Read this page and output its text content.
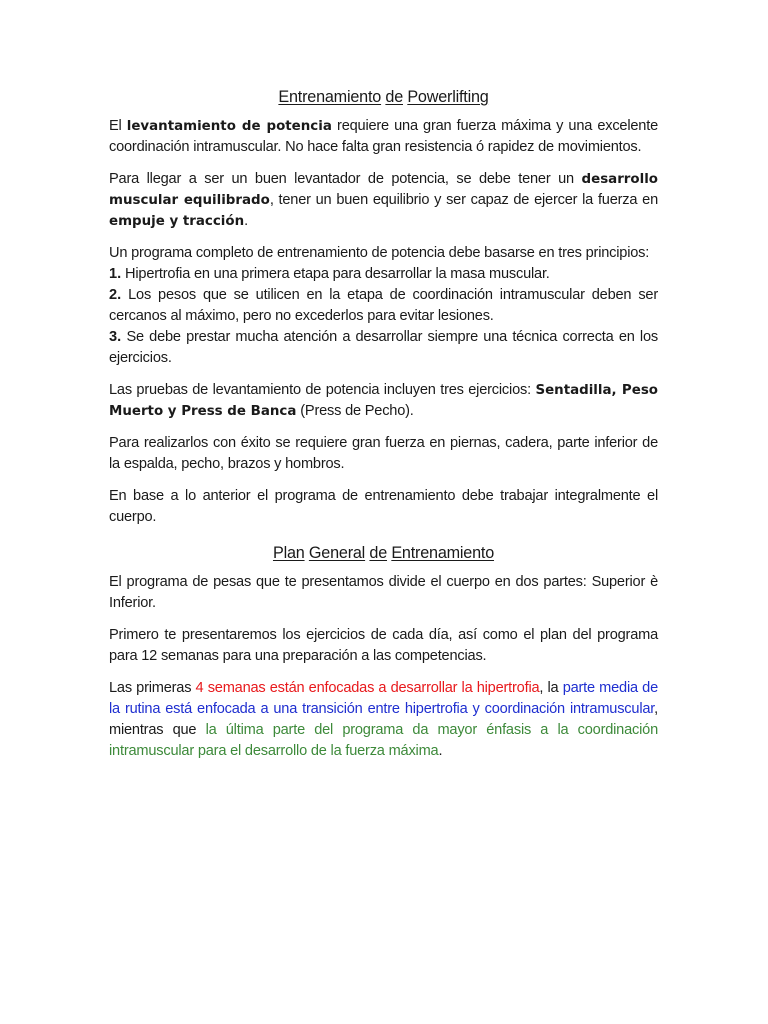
Entrenamiento de Powerlifting

El levantamiento de potencia requiere una gran fuerza máxima y una excelente coordinación intramuscular. No hace falta gran resistencia ó rapidez de movimientos.

Para llegar a ser un buen levantador de potencia, se debe tener un desarrollo muscular equilibrado, tener un buen equilibrio y ser capaz de ejercer la fuerza en empuje y tracción.

Un programa completo de entrenamiento de potencia debe basarse en tres principios:
1. Hipertrofia en una primera etapa para desarrollar la masa muscular.
2. Los pesos que se utilicen en la etapa de coordinación intramuscular deben ser cercanos al máximo, pero no excederlos para evitar lesiones.
3. Se debe prestar mucha atención a desarrollar siempre una técnica correcta en los ejercicios.

Las pruebas de levantamiento de potencia incluyen tres ejercicios: Sentadilla, Peso Muerto y Press de Banca (Press de Pecho).

Para realizarlos con éxito se requiere gran fuerza en piernas, cadera, parte inferior de la espalda, pecho, brazos y hombros.

En base a lo anterior el programa de entrenamiento debe trabajar integralmente el cuerpo.

Plan General de Entrenamiento

El programa de pesas que te presentamos divide el cuerpo en dos partes: Superior è Inferior.

Primero te presentaremos los ejercicios de cada día, así como el plan del programa para 12 semanas para una preparación a las competencias.

Las primeras 4 semanas están enfocadas a desarrollar la hipertrofia, la parte media de la rutina está enfocada a una transición entre hipertrofia y coordinación intramuscular, mientras que la última parte del programa da mayor énfasis a la coordinación intramuscular para el desarrollo de la fuerza máxima.
